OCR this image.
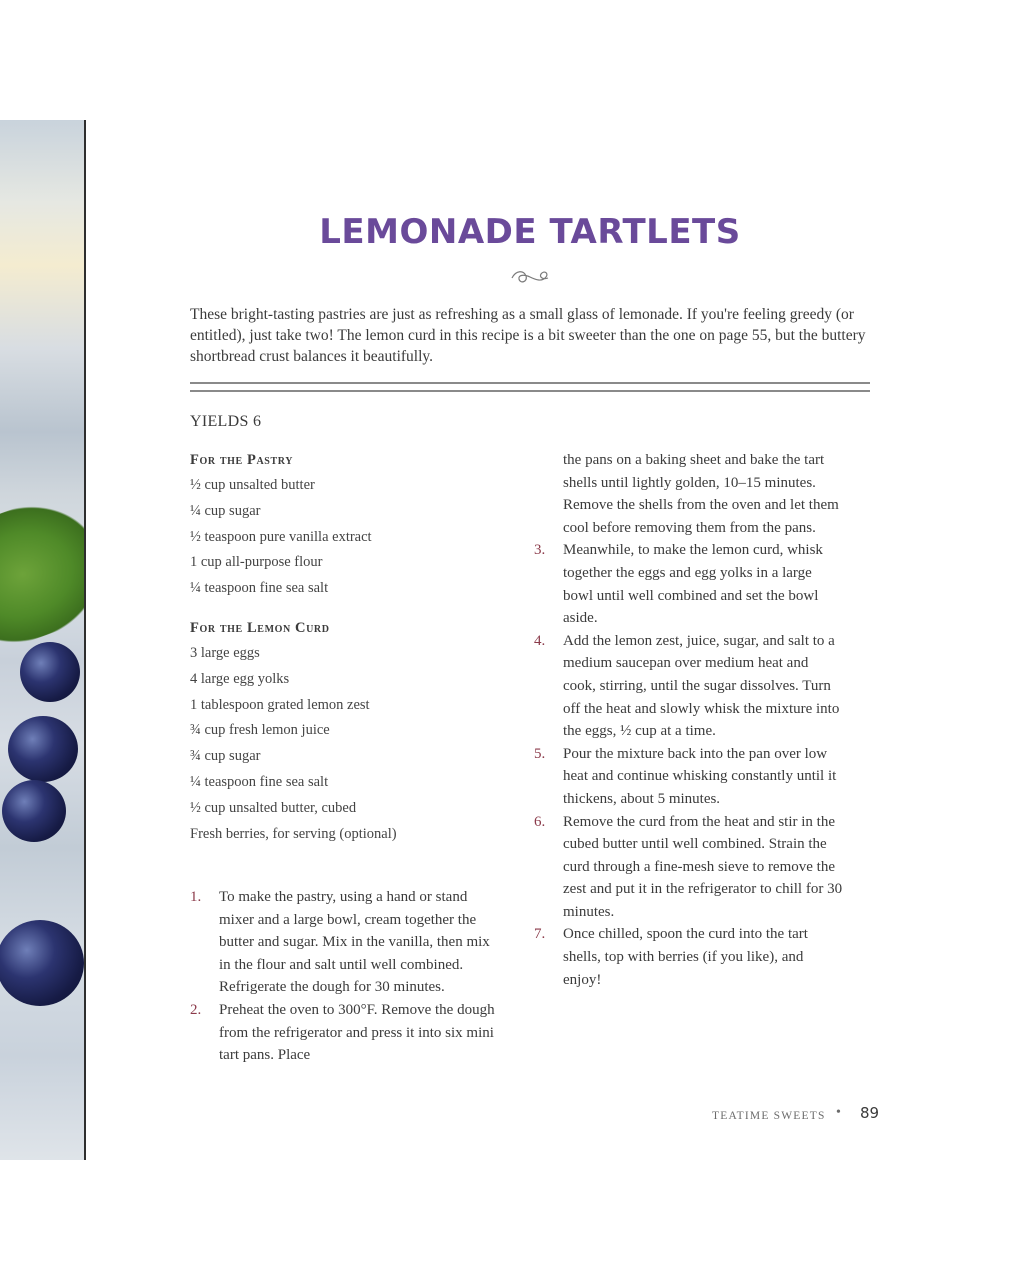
LEMONADE TARTLETS

These bright-tasting pastries are just as refreshing as a small glass of lemonade. If you're feeling greedy (or entitled), just take two! The lemon curd in this recipe is a bit sweeter than the one on page 55, but the buttery shortbread crust balances it beautifully.

YIELDS 6
For the Pastry
½ cup unsalted butter
¼ cup sugar
½ teaspoon pure vanilla extract
1 cup all-purpose flour
¼ teaspoon fine sea salt
For the Lemon Curd
3 large eggs
4 large egg yolks
1 tablespoon grated lemon zest
¾ cup fresh lemon juice
¾ cup sugar
¼ teaspoon fine sea salt
½ cup unsalted butter, cubed
Fresh berries, for serving (optional)
1. To make the pastry, using a hand or stand mixer and a large bowl, cream together the butter and sugar. Mix in the vanilla, then mix in the flour and salt until well combined. Refrigerate the dough for 30 minutes.
2. Preheat the oven to 300°F. Remove the dough from the refrigerator and press it into six mini tart pans. Place

the pans on a baking sheet and bake the tart shells until lightly golden, 10–15 minutes. Remove the shells from the oven and let them cool before removing them from the pans.

3. Meanwhile, to make the lemon curd, whisk together the eggs and egg yolks in a large bowl until well combined and set the bowl aside.
4. Add the lemon zest, juice, sugar, and salt to a medium saucepan over medium heat and cook, stirring, until the sugar dissolves. Turn off the heat and slowly whisk the mixture into the eggs, ½ cup at a time.
5. Pour the mixture back into the pan over low heat and continue whisking constantly until it thickens, about 5 minutes.
6. Remove the curd from the heat and stir in the cubed butter until well combined. Strain the curd through a fine-mesh sieve to remove the zest and put it in the refrigerator to chill for 30 minutes.
7. Once chilled, spoon the curd into the tart shells, top with berries (if you like), and enjoy!
TEATIME SWEETS • 89
